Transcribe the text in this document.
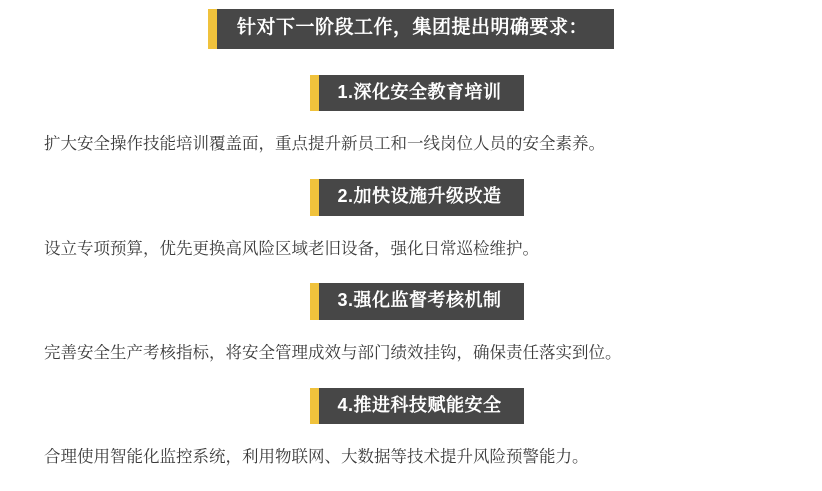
针对下一阶段工作，集团提出明确要求：
1.深化安全教育培训
扩大安全操作技能培训覆盖面，重点提升新员工和一线岗位人员的安全素养。
2.加快设施升级改造
设立专项预算，优先更换高风险区域老旧设备，强化日常巡检维护。
3.强化监督考核机制
完善安全生产考核指标，将安全管理成效与部门绩效挂钩，确保责任落实到位。
4.推进科技赋能安全
合理使用智能化监控系统，利用物联网、大数据等技术提升风险预警能力。
